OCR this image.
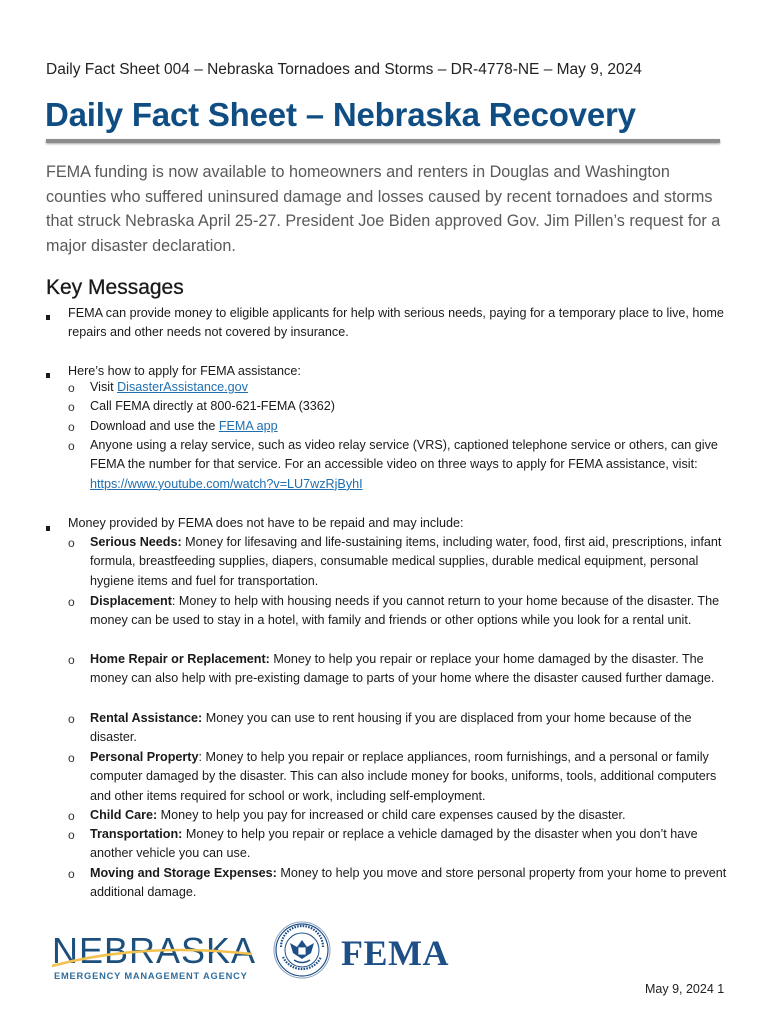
Daily Fact Sheet 004 – Nebraska Tornadoes and Storms – DR-4778-NE – May 9, 2024
Daily Fact Sheet – Nebraska Recovery
FEMA funding is now available to homeowners and renters in Douglas and Washington counties who suffered uninsured damage and losses caused by recent tornadoes and storms that struck Nebraska April 25-27. President Joe Biden approved Gov. Jim Pillen’s request for a major disaster declaration.
Key Messages
FEMA can provide money to eligible applicants for help with serious needs, paying for a temporary place to live, home repairs and other needs not covered by insurance.
Here’s how to apply for FEMA assistance:
o Visit DisasterAssistance.gov
o Call FEMA directly at 800-621-FEMA (3362)
o Download and use the FEMA app
o Anyone using a relay service, such as video relay service (VRS), captioned telephone service or others, can give FEMA the number for that service. For an accessible video on three ways to apply for FEMA assistance, visit: https://www.youtube.com/watch?v=LU7wzRjByhI
Money provided by FEMA does not have to be repaid and may include:
o Serious Needs: Money for lifesaving and life-sustaining items, including water, food, first aid, prescriptions, infant formula, breastfeeding supplies, diapers, consumable medical supplies, durable medical equipment, personal hygiene items and fuel for transportation.
o Displacement: Money to help with housing needs if you cannot return to your home because of the disaster. The money can be used to stay in a hotel, with family and friends or other options while you look for a rental unit.
o Home Repair or Replacement: Money to help you repair or replace your home damaged by the disaster. The money can also help with pre-existing damage to parts of your home where the disaster caused further damage.
o Rental Assistance: Money you can use to rent housing if you are displaced from your home because of the disaster.
o Personal Property: Money to help you repair or replace appliances, room furnishings, and a personal or family computer damaged by the disaster. This can also include money for books, uniforms, tools, additional computers and other items required for school or work, including self-employment.
o Child Care: Money to help you pay for increased or child care expenses caused by the disaster.
o Transportation: Money to help you repair or replace a vehicle damaged by the disaster when you don’t have another vehicle you can use.
o Moving and Storage Expenses: Money to help you move and store personal property from your home to prevent additional damage.
NEBRASKA
EMERGENCY MANAGEMENT AGENCY
FEMA
May 9, 2024 1
